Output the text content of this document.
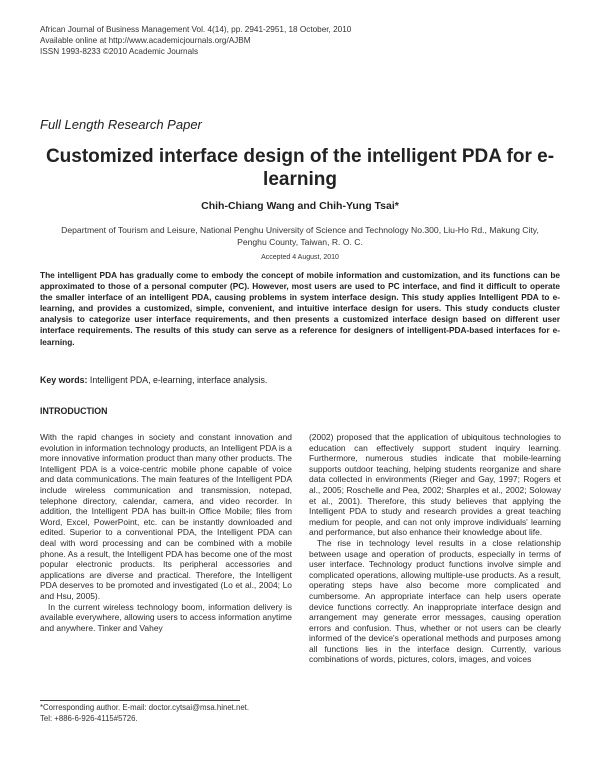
African Journal of Business Management Vol. 4(14), pp. 2941-2951, 18 October, 2010
Available online at http://www.academicjournals.org/AJBM
ISSN 1993-8233 ©2010 Academic Journals
Full Length Research Paper
Customized interface design of the intelligent PDA for e-learning
Chih-Chiang Wang and Chih-Yung Tsai*
Department of Tourism and Leisure, National Penghu University of Science and Technology No.300, Liu-Ho Rd., Makung City, Penghu County, Taiwan, R. O. C.
Accepted 4 August, 2010

The intelligent PDA has gradually come to embody the concept of mobile information and customization, and its functions can be approximated to those of a personal computer (PC). However, most users are used to PC interface, and find it difficult to operate the smaller interface of an intelligent PDA, causing problems in system interface design. This study applies Intelligent PDA to e-learning, and provides a customized, simple, convenient, and intuitive interface design for users. This study conducts cluster analysis to categorize user interface requirements, and then presents a customized interface design based on different user interface requirements. The results of this study can serve as a reference for designers of intelligent-PDA-based interfaces for e-learning.

Key words: Intelligent PDA, e-learning, interface analysis.
INTRODUCTION

With the rapid changes in society and constant innovation and evolution in information technology products, an Intelligent PDA is a more innovative information product than many other products. The Intelligent PDA is a voice-centric mobile phone capable of voice and data communications. The main features of the Intelligent PDA include wireless communication and transmission, notepad, telephone directory, calendar, camera, and video recorder. In addition, the Intelligent PDA has built-in Office Mobile; files from Word, Excel, PowerPoint, etc. can be instantly downloaded and edited. Superior to a conventional PDA, the Intelligent PDA can deal with word processing and can be combined with a mobile phone. As a result, the Intelligent PDA has become one of the most popular electronic products. Its peripheral accessories and applications are diverse and practical. Therefore, the Intelligent PDA deserves to be promoted and investigated (Lo et al., 2004; Lo and Hsu, 2005).

In the current wireless technology boom, information delivery is available everywhere, allowing users to access information anytime and anywhere. Tinker and Vahey

(2002) proposed that the application of ubiquitous technologies to education can effectively support student inquiry learning. Furthermore, numerous studies indicate that mobile-learning supports outdoor teaching, helping students reorganize and share data collected in environments (Rieger and Gay, 1997; Rogers et al., 2005; Roschelle and Pea, 2002; Sharples et al., 2002; Soloway et al., 2001). Therefore, this study believes that applying the Intelligent PDA to study and research provides a great teaching medium for people, and can not only improve individuals' learning and performance, but also enhance their knowledge about life.

The rise in technology level results in a close relationship between usage and operation of products, especially in terms of user interface. Technology product functions involve simple and complicated operations, allowing multiple-use products. As a result, operating steps have also become more complicated and cumbersome. An appropriate interface can help users operate device functions correctly. An inappropriate interface design and arrangement may generate error messages, causing operation errors and confusion. Thus, whether or not users can be clearly informed of the device's operational methods and purposes among all functions lies in the interface design. Currently, various combinations of words, pictures, colors, images, and voices

*Corresponding author. E-mail: doctor.cytsai@msa.hinet.net.
Tel: +886-6-926-4115#5726.
